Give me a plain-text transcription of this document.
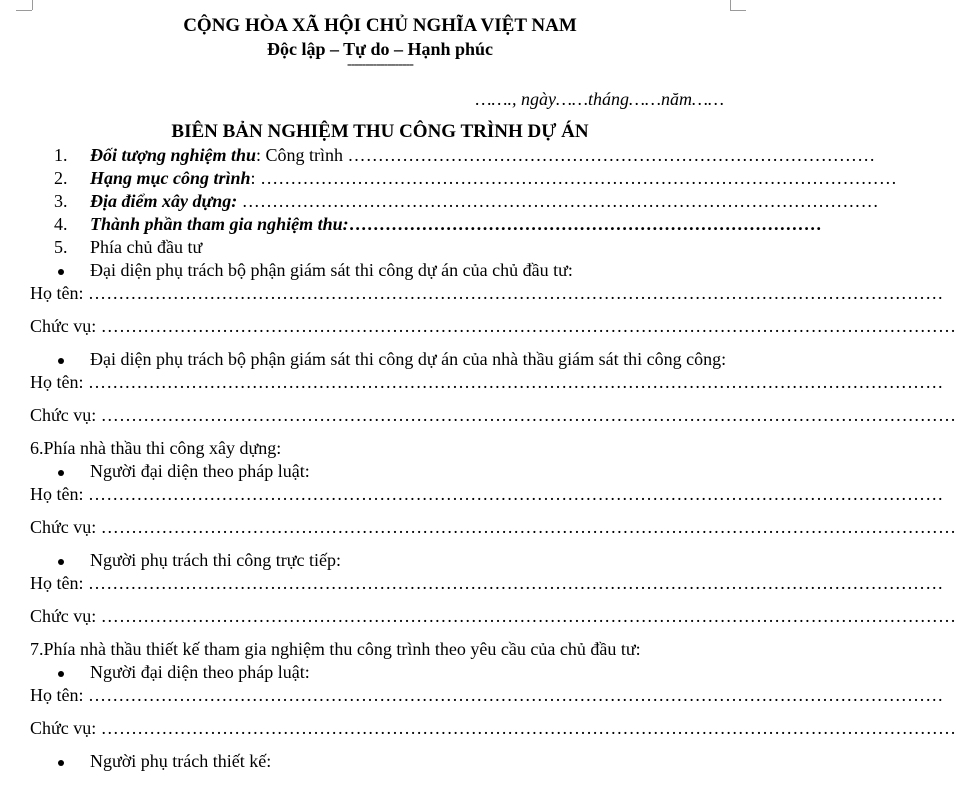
CỘNG HÒA XÃ HỘI CHỦ NGHĨA VIỆT NAM
Độc lập – Tự do – Hạnh phúc
------------------
……., ngày……tháng……năm……
BIÊN BẢN NGHIỆM THU CÔNG TRÌNH DỰ ÁN
1.	Đối tượng nghiệm thu : Công trình ……………………………………………………………………………
2.	Hạng mục công trình : ……………………………………………………………………………………………
3.	Địa điểm xây dựng:
……………………………………………………………………………………………
4.	Thành phần tham gia nghiệm thu: ……………………………………………………………………
5.	Phía chủ đầu tư
Đại diện phụ trách bộ phận giám sát thi công dự án của chủ đầu tư:
Họ tên: ……………………………………………………………………………………………………………………………
Chức vụ: ……………………………………………………………………………………………………………………………
Đại diện phụ trách bộ phận giám sát thi công dự án của nhà thầu giám sát thi công công:
Họ tên: ……………………………………………………………………………………………………………………………
Chức vụ: ……………………………………………………………………………………………………………………………
6.Phía nhà thầu thi công xây dựng:
Người đại diện theo pháp luật:
Họ tên: ……………………………………………………………………………………………………………………………
Chức vụ: ……………………………………………………………………………………………………………………………
Người phụ trách thi công trực tiếp:
Họ tên: ……………………………………………………………………………………………………………………………
Chức vụ: ……………………………………………………………………………………………………………………………
7.Phía nhà thầu thiết kế tham gia nghiệm thu công trình theo yêu cầu của chủ đầu tư:
Người đại diện theo pháp luật:
Họ tên: ……………………………………………………………………………………………………………………………
Chức vụ: ……………………………………………………………………………………………………………………………
Người phụ trách thiết kế:
